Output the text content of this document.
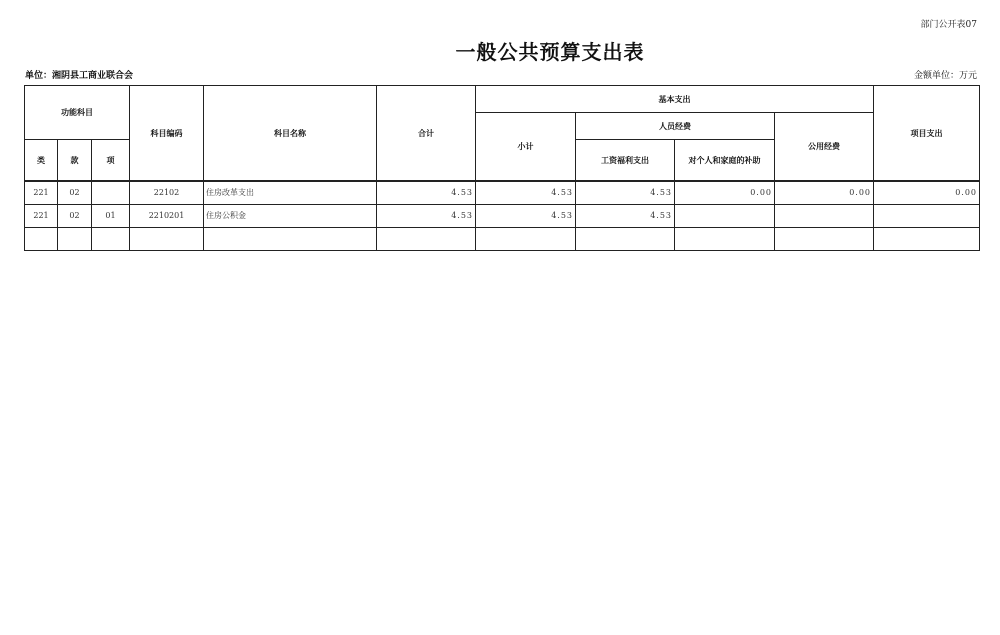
部门公开表07
一般公共预算支出表
单位：湘阴县工商业联合会	金额单位：万元
功能科目			科目编码	科目名称	合计	基本支出				项目支出
						小计	人员经费		公用经费	
类	款	项					工资福利支出	对个人和家庭的补助		
221	02		22102	住房改革支出	4.53	4.53	4.53	0.00	0.00	0.00
221	02	01	2210201	住房公积金	4.53	4.53	4.53			
